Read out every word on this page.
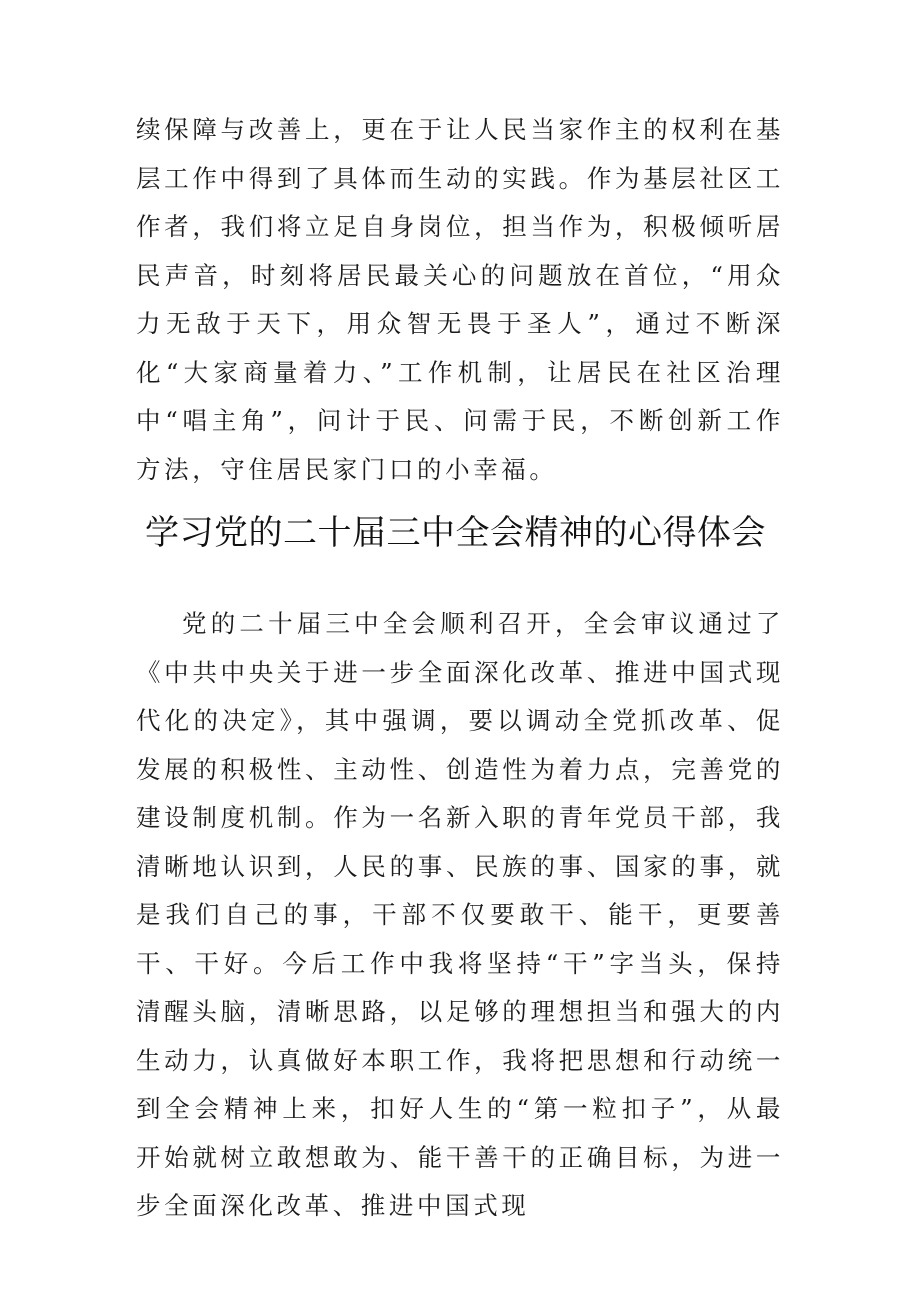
续保障与改善上，更在于让人民当家作主的权利在基层工作中得到了具体而生动的实践。作为基层社区工作者，我们将立足自身岗位，担当作为，积极倾听居民声音，时刻将居民最关心的问题放在首位，“用众力无敌于天下，用众智无畏于圣人”，通过不断深化“大家商量着力、”工作机制，让居民在社区治理中“唱主角”，问计于民、问需于民，不断创新工作方法，守住居民家门口的小幸福。

学习党的二十届三中全会精神的心得体会

党的二十届三中全会顺利召开，全会审议通过了《中共中央关于进一步全面深化改革、推进中国式现代化的决定》，其中强调，要以调动全党抓改革、促发展的积极性、主动性、创造性为着力点，完善党的建设制度机制。作为一名新入职的青年党员干部，我清晰地认识到，人民的事、民族的事、国家的事，就是我们自己的事，干部不仅要敢干、能干，更要善干、干好。今后工作中我将坚持“干”字当头，保持清醒头脑，清晰思路，以足够的理想担当和强大的内生动力，认真做好本职工作，我将把思想和行动统一到全会精神上来，扣好人生的“第一粒扣子”，从最开始就树立敢想敢为、能干善干的正确目标，为进一步全面深化改革、推进中国式现
